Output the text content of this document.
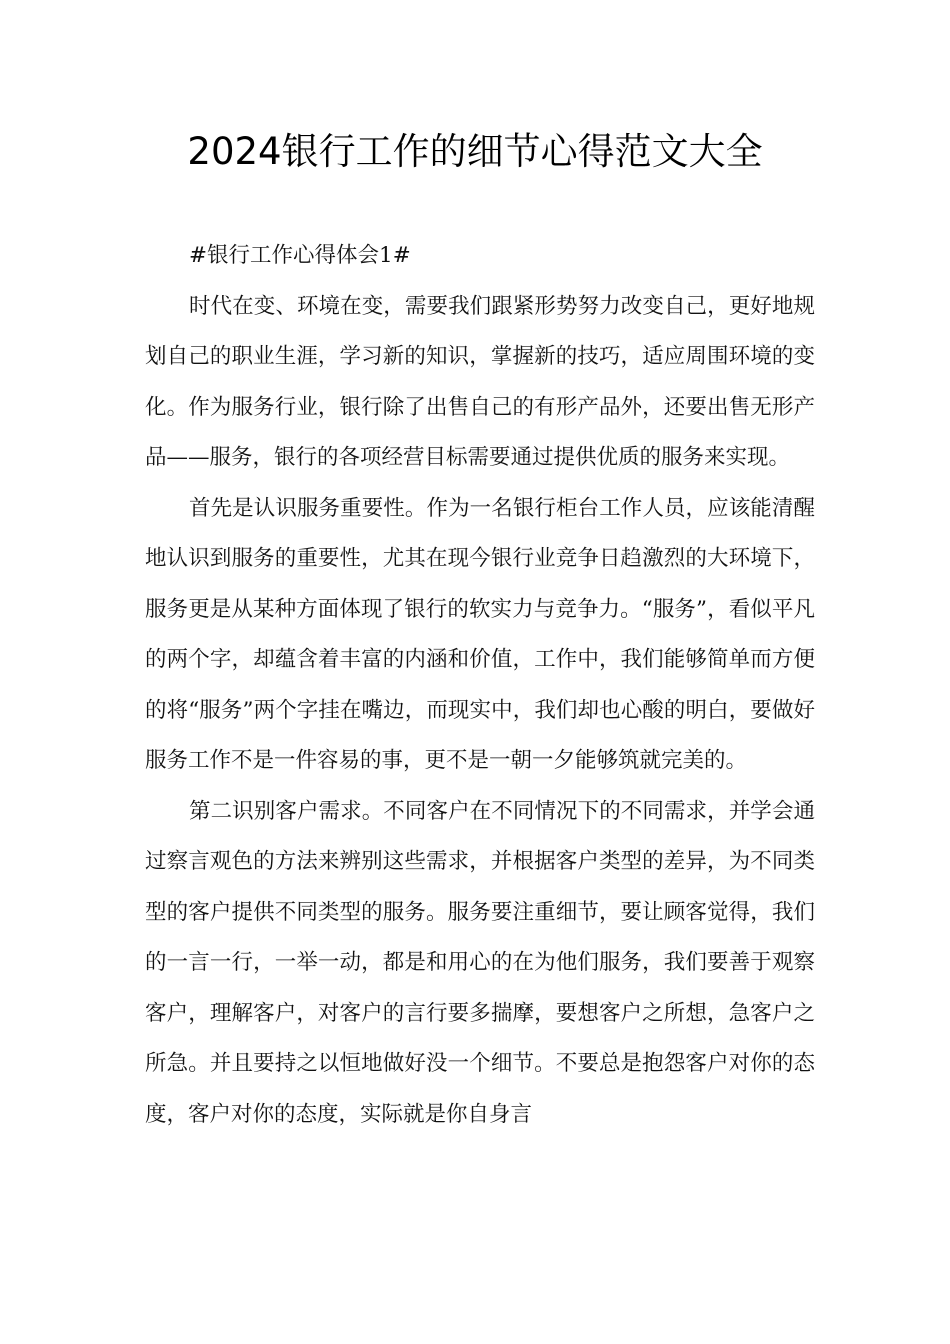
2024银行工作的细节心得范文大全

#银行工作心得体会1#

时代在变、环境在变，需要我们跟紧形势努力改变自己，更好地规划自己的职业生涯，学习新的知识，掌握新的技巧，适应周围环境的变化。作为服务行业，银行除了出售自己的有形产品外，还要出售无形产品——服务，银行的各项经营目标需要通过提供优质的服务来实现。

首先是认识服务重要性。作为一名银行柜台工作人员，应该能清醒地认识到服务的重要性，尤其在现今银行业竞争日趋激烈的大环境下，服务更是从某种方面体现了银行的软实力与竞争力。“服务”，看似平凡的两个字，却蕴含着丰富的内涵和价值，工作中，我们能够简单而方便的将“服务”两个字挂在嘴边，而现实中，我们却也心酸的明白，要做好服务工作不是一件容易的事，更不是一朝一夕能够筑就完美的。

第二识别客户需求。不同客户在不同情况下的不同需求，并学会通过察言观色的方法来辨别这些需求，并根据客户类型的差异，为不同类型的客户提供不同类型的服务。服务要注重细节，要让顾客觉得，我们的一言一行，一举一动，都是和用心的在为他们服务，我们要善于观察客户，理解客户，对客户的言行要多揣摩，要想客户之所想，急客户之所急。并且要持之以恒地做好没一个细节。不要总是抱怨客户对你的态度，客户对你的态度，实际就是你自身言
